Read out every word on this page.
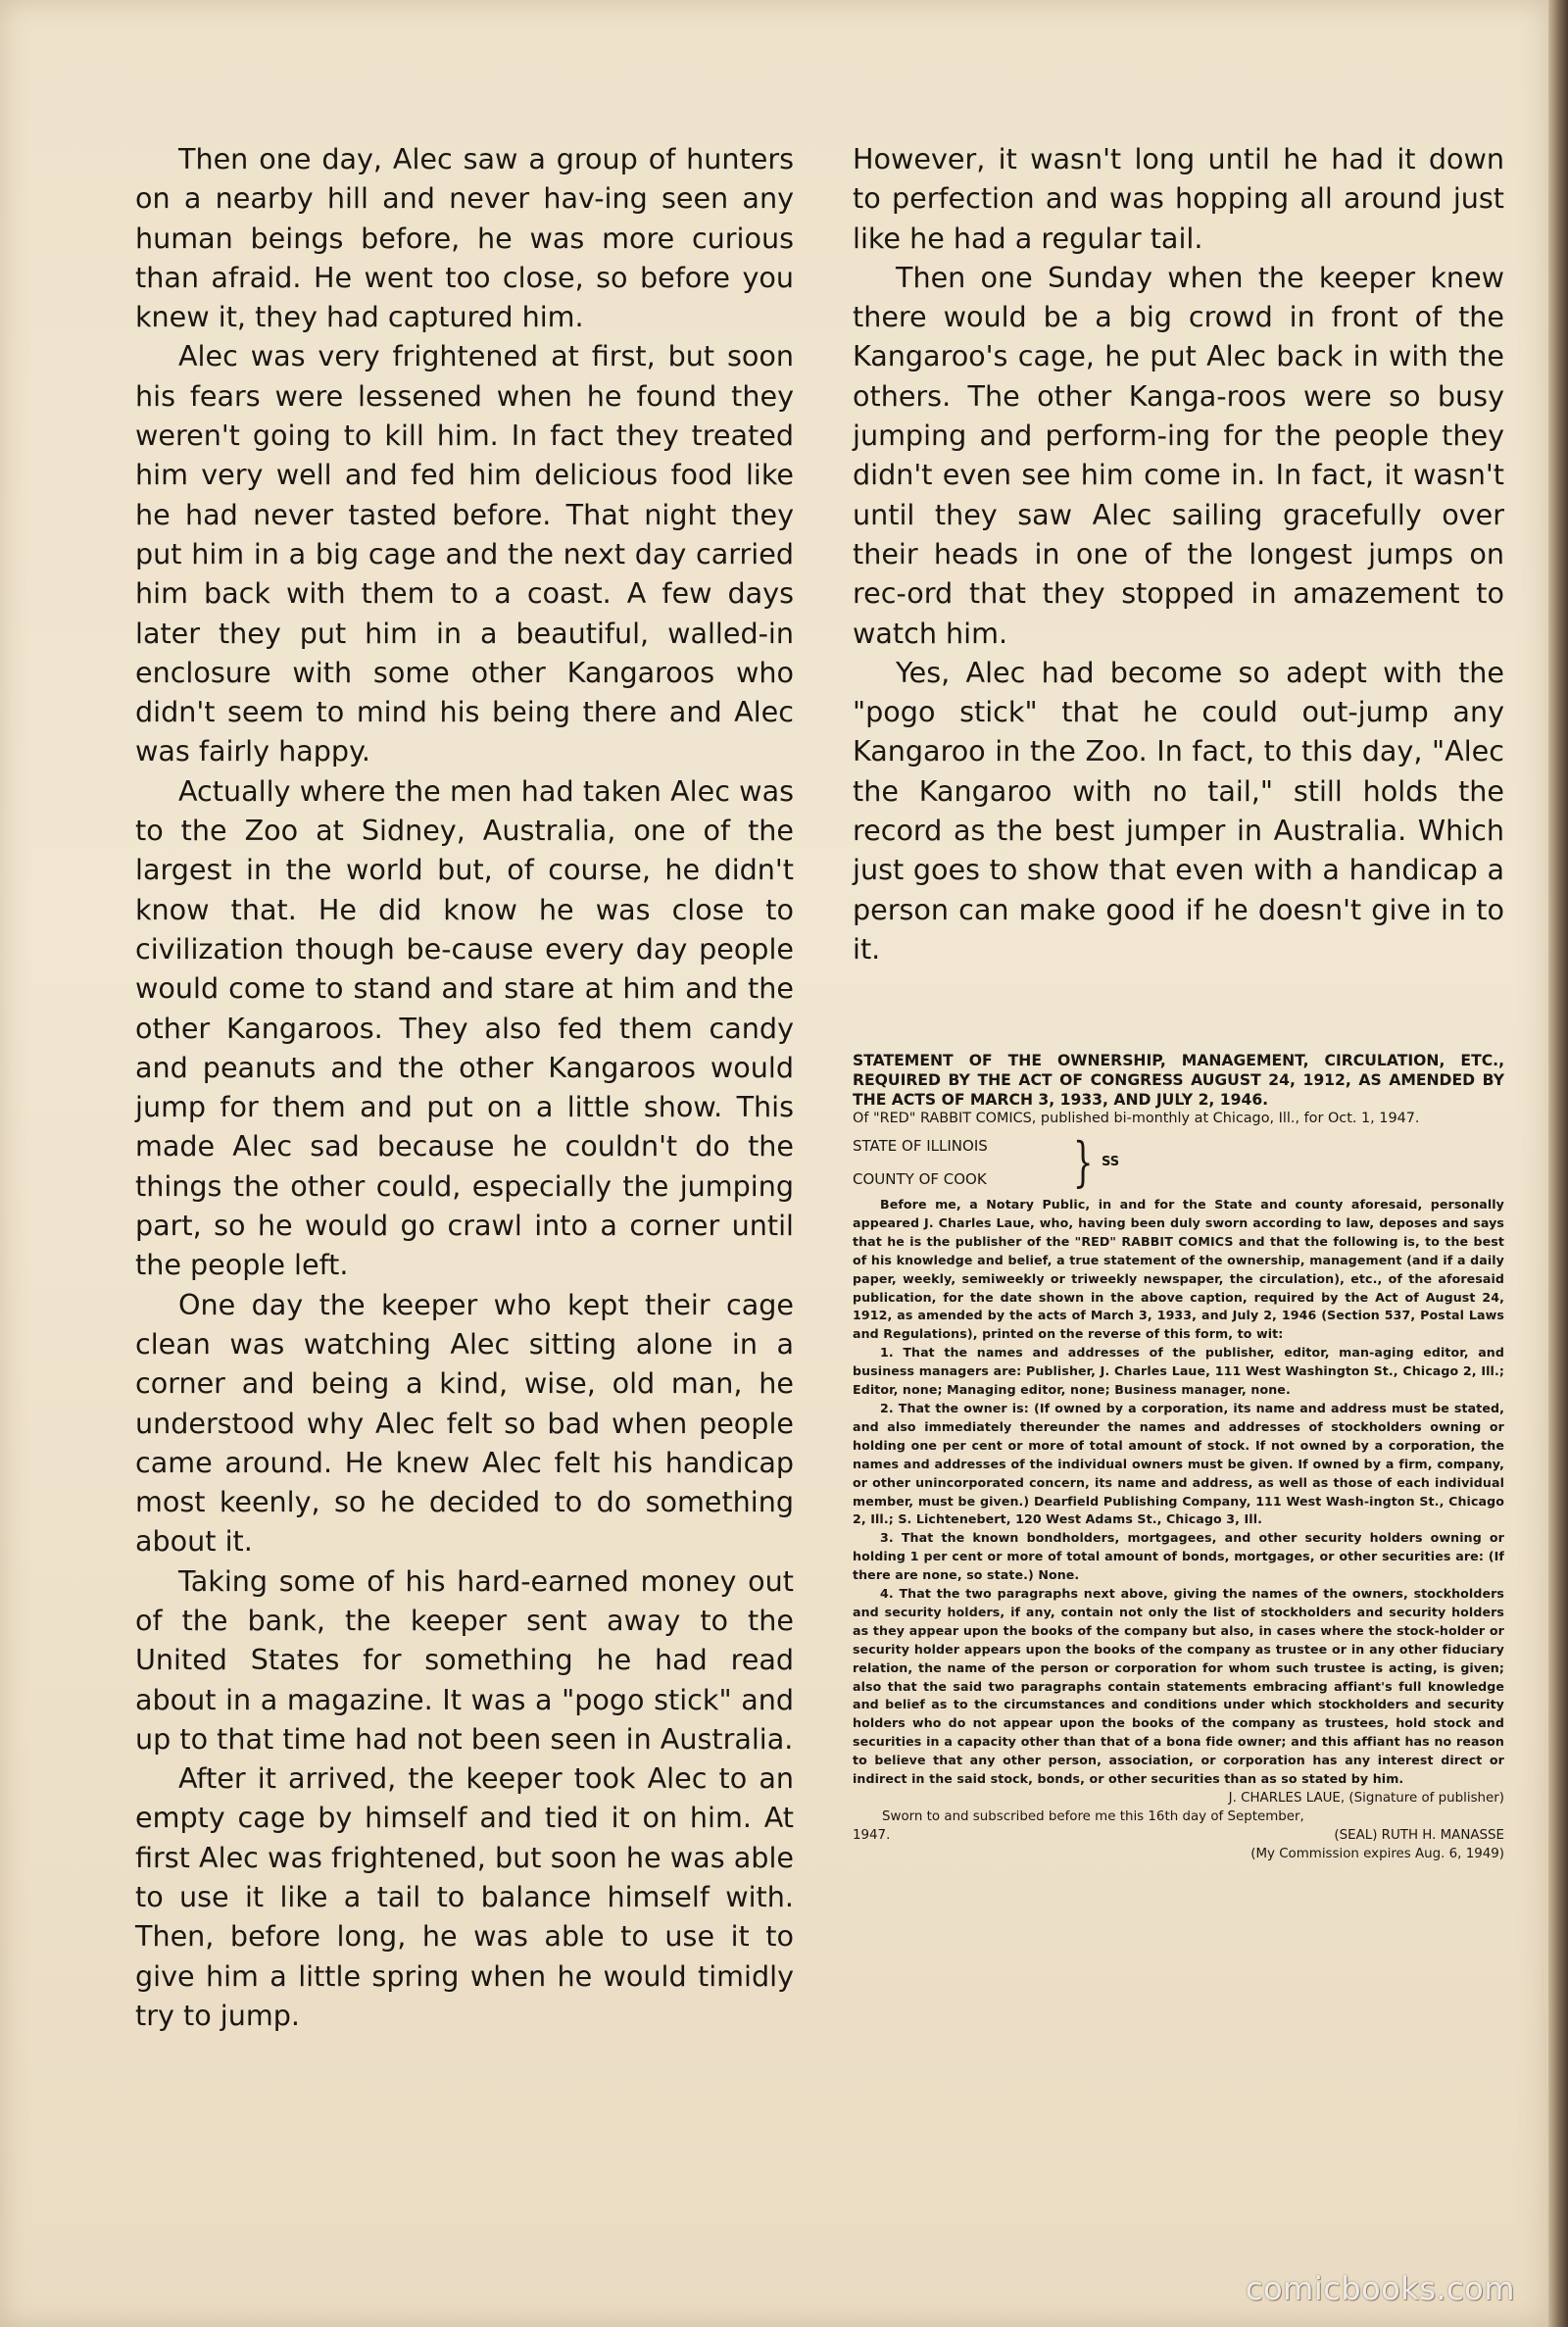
Then one day, Alec saw a group of hunters on a nearby hill and never hav-ing seen any human beings before, he was more curious than afraid. He went too close, so before you knew it, they had captured him.

Alec was very frightened at first, but soon his fears were lessened when he found they weren't going to kill him. In fact they treated him very well and fed him delicious food like he had never tasted before. That night they put him in a big cage and the next day carried him back with them to a coast. A few days later they put him in a beautiful, walled-in enclosure with some other Kangaroos who didn't seem to mind his being there and Alec was fairly happy.

Actually where the men had taken Alec was to the Zoo at Sidney, Australia, one of the largest in the world but, of course, he didn't know that. He did know he was close to civilization though be-cause every day people would come to stand and stare at him and the other Kangaroos. They also fed them candy and peanuts and the other Kangaroos would jump for them and put on a little show. This made Alec sad because he couldn't do the things the other could, especially the jumping part, so he would go crawl into a corner until the people left.

One day the keeper who kept their cage clean was watching Alec sitting alone in a corner and being a kind, wise, old man, he understood why Alec felt so bad when people came around. He knew Alec felt his handicap most keenly, so he decided to do something about it.

Taking some of his hard-earned money out of the bank, the keeper sent away to the United States for something he had read about in a magazine. It was a "pogo stick" and up to that time had not been seen in Australia.

After it arrived, the keeper took Alec to an empty cage by himself and tied it on him. At first Alec was frightened, but soon he was able to use it like a tail to balance himself with. Then, before long, he was able to use it to give him a little spring when he would timidly try to jump.

However, it wasn't long until he had it down to perfection and was hopping all around just like he had a regular tail.

Then one Sunday when the keeper knew there would be a big crowd in front of the Kangaroo's cage, he put Alec back in with the others. The other Kanga-roos were so busy jumping and perform-ing for the people they didn't even see him come in. In fact, it wasn't until they saw Alec sailing gracefully over their heads in one of the longest jumps on rec-ord that they stopped in amazement to watch him.

Yes, Alec had become so adept with the "pogo stick" that he could out-jump any Kangaroo in the Zoo. In fact, to this day, "Alec the Kangaroo with no tail," still holds the record as the best jumper in Australia. Which just goes to show that even with a handicap a person can make good if he doesn't give in to it.

STATEMENT OF THE OWNERSHIP, MANAGEMENT, CIRCULATION, ETC., REQUIRED BY THE ACT OF CONGRESS AUGUST 24, 1912, AS AMENDED BY THE ACTS OF MARCH 3, 1933, AND JULY 2, 1946.

Of "RED" RABBIT COMICS, published bi-monthly at Chicago, Ill., for Oct. 1, 1947.

STATE OF ILLINOIS } SS
COUNTY OF COOK

Before me, a Notary Public, in and for the State and county aforesaid, personally appeared J. Charles Laue, who, having been duly sworn according to law, deposes and says that he is the publisher of the "RED" RABBIT COMICS and that the following is, to the best of his knowledge and belief, a true statement of the ownership, management (and if a daily paper, weekly, semiweekly or triweekly newspaper, the circulation), etc., of the aforesaid publication, for the date shown in the above caption, required by the Act of August 24, 1912, as amended by the acts of March 3, 1933, and July 2, 1946 (Section 537, Postal Laws and Regulations), printed on the reverse of this form, to wit:

1. That the names and addresses of the publisher, editor, man-aging editor, and business managers are: Publisher, J. Charles Laue, 111 West Washington St., Chicago 2, Ill.; Editor, none; Managing editor, none; Business manager, none.

2. That the owner is: (If owned by a corporation, its name and address must be stated, and also immediately thereunder the names and addresses of stockholders owning or holding one per cent or more of total amount of stock. If not owned by a corporation, the names and addresses of the individual owners must be given. If owned by a firm, company, or other unincorporated concern, its name and address, as well as those of each individual member, must be given.) Dearfield Publishing Company, 111 West Wash-ington St., Chicago 2, Ill.; S. Lichtenebert, 120 West Adams St., Chicago 3, Ill.

3. That the known bondholders, mortgagees, and other security holders owning or holding 1 per cent or more of total amount of bonds, mortgages, or other securities are: (If there are none, so state.) None.

4. That the two paragraphs next above, giving the names of the owners, stockholders and security holders, if any, contain not only the list of stockholders and security holders as they appear upon the books of the company but also, in cases where the stock-holder or security holder appears upon the books of the company as trustee or in any other fiduciary relation, the name of the person or corporation for whom such trustee is acting, is given; also that the said two paragraphs contain statements embracing affiant's full knowledge and belief as to the circumstances and conditions under which stockholders and security holders who do not appear upon the books of the company as trustees, hold stock and securities in a capacity other than that of a bona fide owner; and this affiant has no reason to believe that any other person, association, or corporation has any interest direct or indirect in the said stock, bonds, or other securities than as so stated by him.

J. CHARLES LAUE, (Signature of publisher)

Sworn to and subscribed before me this 16th day of September,

1947.	(SEAL) RUTH H. MANASSE

(My Commission expires Aug. 6, 1949)

comicbooks.com
